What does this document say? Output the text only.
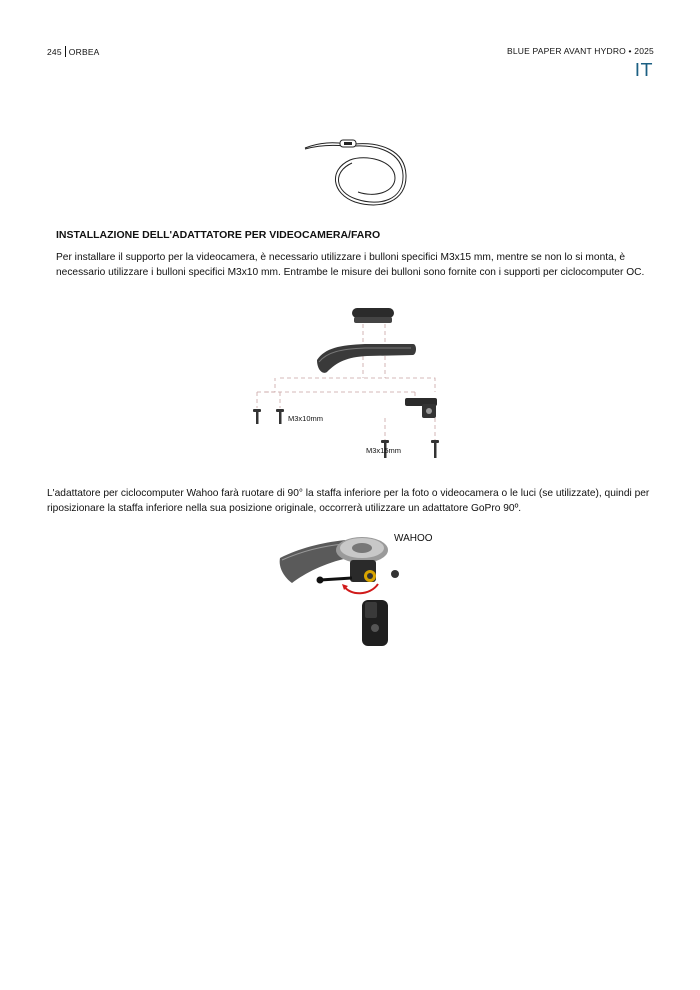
245 ORBEA	BLUE PAPER AVANT HYDRO • 2025
IT
INSTALLAZIONE DELL'ADATTATORE PER VIDEOCAMERA/FARO
Per installare il supporto per la videocamera, è necessario utilizzare i bulloni specifici M3x15 mm, mentre se non lo si monta, è necessario utilizzare i bulloni specifici M3x10 mm. Entrambe le misure dei bulloni sono fornite con i supporti per ciclocomputer OC.
M3x10mm
M3x15mm
L'adattatore per ciclocomputer Wahoo farà ruotare di 90° la staffa inferiore per la foto o videocamera o le luci (se utilizzate), quindi per riposizionare la staffa inferiore nella sua posizione originale, occorrerà utilizzare un adattatore GoPro 90º.
WAHOO
